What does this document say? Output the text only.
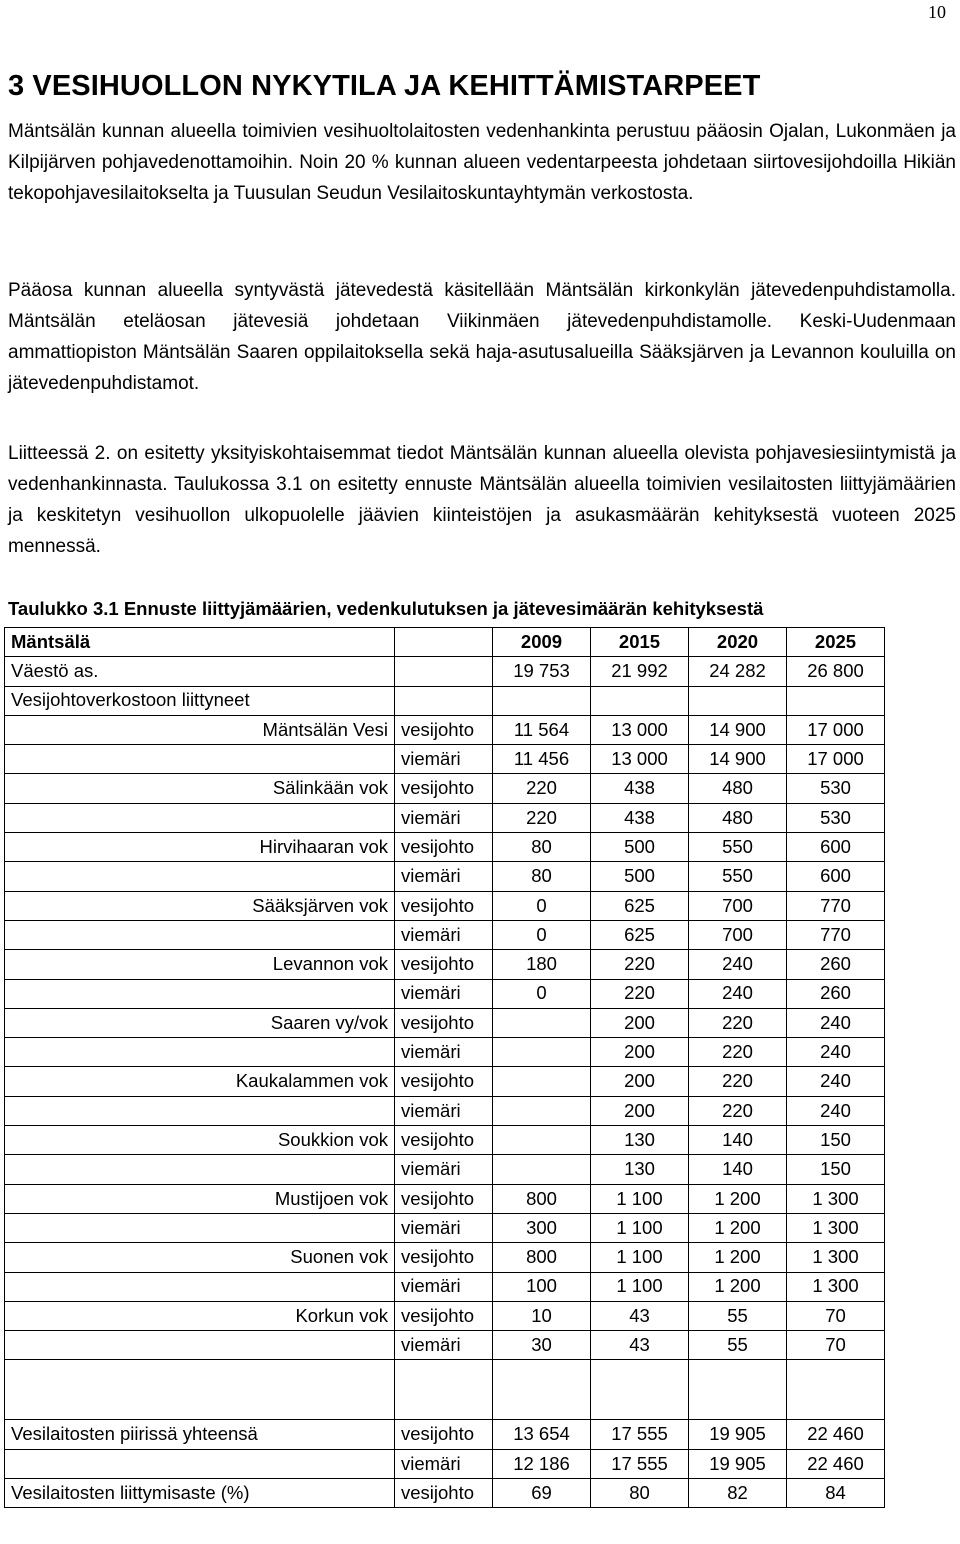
10
3 VESIHUOLLON NYKYTILA JA KEHITTÄMISTARPEET

Mäntsälän kunnan alueella toimivien vesihuoltolaitosten vedenhankinta perustuu pääosin Ojalan, Lukonmäen ja Kilpijärven pohjavedenottamoihin. Noin 20 % kunnan alueen vedentarpeesta johdetaan siirtovesijohdoilla Hikiän tekopohjavesilaitokselta ja Tuusulan Seudun Vesilaitoskuntayhtymän verkostosta.

Pääosa kunnan alueella syntyvästä jätevedestä käsitellään Mäntsälän kirkonkylän jätevedenpuhdistamolla. Mäntsälän eteläosan jätevesiä johdetaan Viikinmäen jätevedenpuhdistamolle. Keski-Uudenmaan ammattiopiston Mäntsälän Saaren oppilaitoksella sekä haja-asutusalueilla Sääksjärven ja Levannon kouluilla on jätevedenpuhdistamot.

Liitteessä 2. on esitetty yksityiskohtaisemmat tiedot Mäntsälän kunnan alueella olevista pohjavesiesiintymistä ja vedenhankinnasta. Taulukossa 3.1 on esitetty ennuste Mäntsälän alueella toimivien vesilaitosten liittyjämäärien ja keskitetyn vesihuollon ulkopuolelle jäävien kiinteistöjen ja asukasmäärän kehityksestä vuoteen 2025 mennessä.

Taulukko 3.1 Ennuste liittyjämäärien, vedenkulutuksen ja jätevesimäärän kehityksestä

Mäntsälä		2009	2015	2020	2025
Väestö as.		19 753	21 992	24 282	26 800
Vesijohtoverkostoon liittyneet					
Mäntsälän Vesi	vesijohto	11 564	13 000	14 900	17 000
	viemäri	11 456	13 000	14 900	17 000
Sälinkään vok	vesijohto	220	438	480	530
	viemäri	220	438	480	530
Hirvihaaran vok	vesijohto	80	500	550	600
	viemäri	80	500	550	600
Sääksjärven vok	vesijohto	0	625	700	770
	viemäri	0	625	700	770
Levannon vok	vesijohto	180	220	240	260
	viemäri	0	220	240	260
Saaren vy/vok	vesijohto		200	220	240
	viemäri		200	220	240
Kaukalammen vok	vesijohto		200	220	240
	viemäri		200	220	240
Soukkion vok	vesijohto		130	140	150
	viemäri		130	140	150
Mustijoen vok	vesijohto	800	1 100	1 200	1 300
	viemäri	300	1 100	1 200	1 300
Suonen vok	vesijohto	800	1 100	1 200	1 300
	viemäri	100	1 100	1 200	1 300
Korkun vok	vesijohto	10	43	55	70
	viemäri	30	43	55	70

Vesilaitosten piirissä yhteensä	vesijohto	13 654	17 555	19 905	22 460
	viemäri	12 186	17 555	19 905	22 460
Vesilaitosten liittymisaste (%)	vesijohto	69	80	82	84
